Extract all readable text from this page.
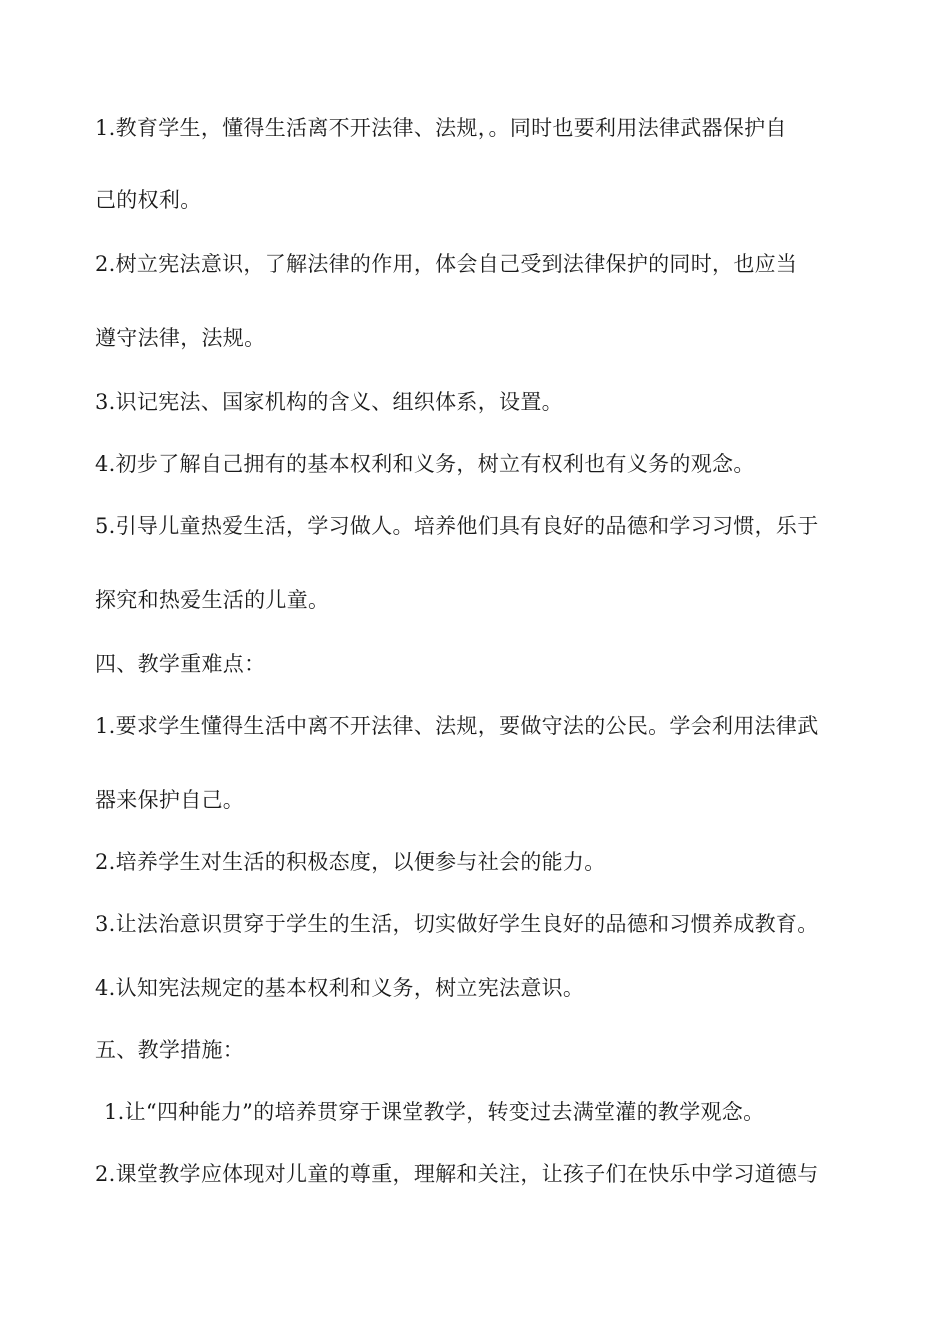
1.教育学生，懂得生活离不开法律、法规，。同时也要利用法律武器保护自
己的权利。
2.树立宪法意识，了解法律的作用，体会自己受到法律保护的同时，也应当
遵守法律，法规。
3.识记宪法、国家机构的含义、组织体系，设置。
4.初步了解自己拥有的基本权利和义务，树立有权利也有义务的观念。
5.引导儿童热爱生活，学习做人。培养他们具有良好的品德和学习习惯，乐于
探究和热爱生活的儿童。
四、教学重难点：
1.要求学生懂得生活中离不开法律、法规，要做守法的公民。学会利用法律武
器来保护自己。
2.培养学生对生活的积极态度，以便参与社会的能力。
3.让法治意识贯穿于学生的生活，切实做好学生良好的品德和习惯养成教育。
4.认知宪法规定的基本权利和义务，树立宪法意识。
五、教学措施：
1.让“四种能力”的培养贯穿于课堂教学，转变过去满堂灌的教学观念。
2.课堂教学应体现对儿童的尊重，理解和关注，让孩子们在快乐中学习道德与
